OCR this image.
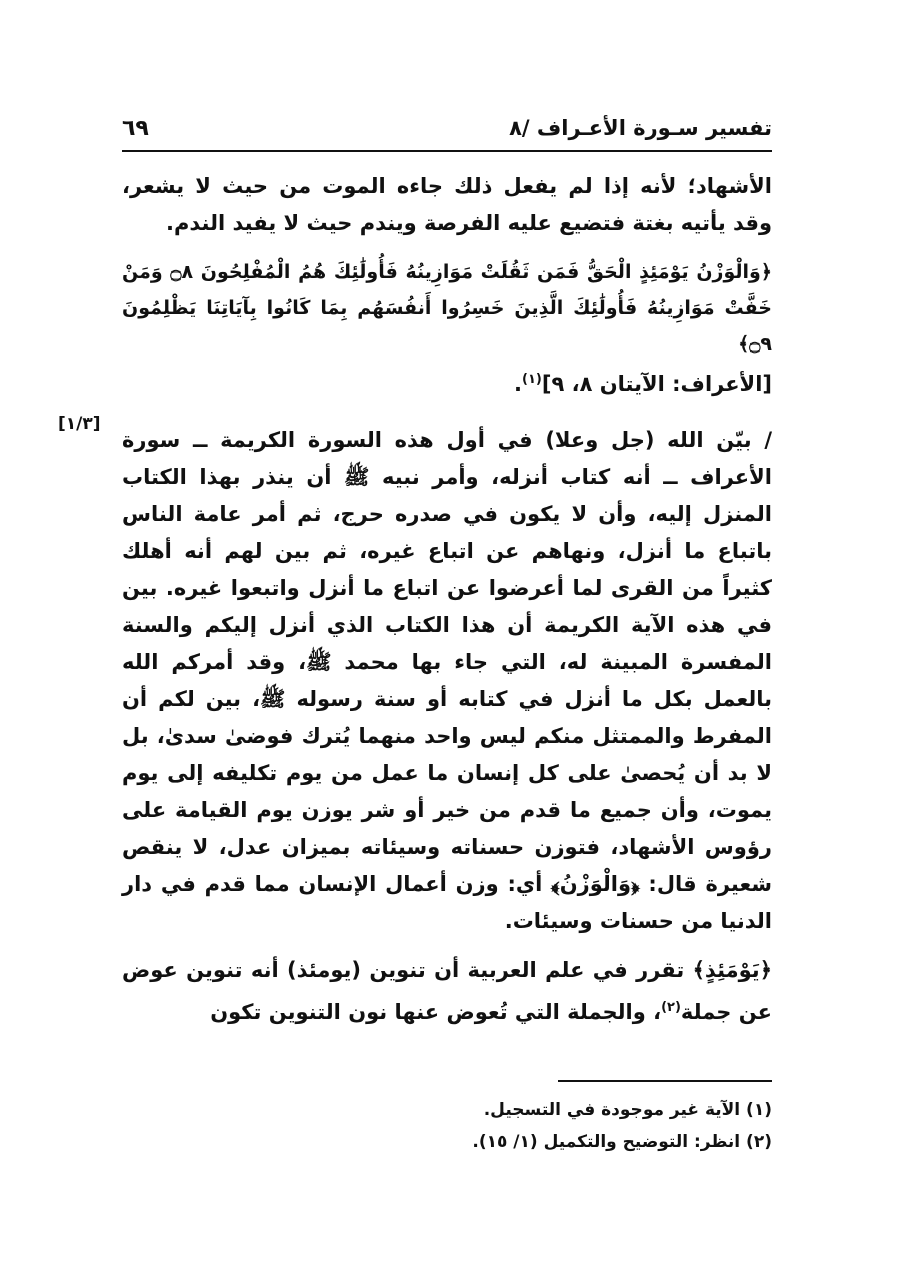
تفسير سـورة الأعـراف /٨
٦٩
[١/٣]

الأشهاد؛ لأنه إذا لم يفعل ذلك جاءه الموت من حيث لا يشعر، وقد يأتيه بغتة فتضيع عليه الفرصة ويندم حيث لا يفيد الندم.

﴿وَالْوَزْنُ يَوْمَئِذٍ الْحَقُّ فَمَن ثَقُلَتْ مَوَازِينُهُ فَأُولَٰئِكَ هُمُ الْمُفْلِحُونَ ۝٨ وَمَنْ خَفَّتْ مَوَازِينُهُ فَأُولَٰئِكَ الَّذِينَ خَسِرُوا أَنفُسَهُم بِمَا كَانُوا بِآيَاتِنَا يَظْلِمُونَ ۝٩﴾

[الأعراف: الآيتان ٨، ٩]$^{(١)}$.

/ بيّن الله (جل وعلا) في أول هذه السورة الكريمة ــ سورة الأعراف ــ أنه كتاب أنزله، وأمر نبيه ﷺ أن ينذر بهذا الكتاب المنزل إليه، وأن لا يكون في صدره حرج، ثم أمر عامة الناس باتباع ما أنزل، ونهاهم عن اتباع غيره، ثم بين لهم أنه أهلك كثيراً من القرى لما أعرضوا عن اتباع ما أنزل واتبعوا غيره. بين في هذه الآية الكريمة أن هذا الكتاب الذي أنزل إليكم والسنة المفسرة المبينة له، التي جاء بها محمد ﷺ، وقد أمركم الله بالعمل بكل ما أنزل في كتابه أو سنة رسوله ﷺ، بين لكم أن المفرط والممتثل منكم ليس واحد منهما يُترك فوضىٰ سدىٰ، بل لا بد أن يُحصىٰ على كل إنسان ما عمل من يوم تكليفه إلى يوم يموت، وأن جميع ما قدم من خير أو شر يوزن يوم القيامة على رؤوس الأشهاد، فتوزن حسناته وسيئاته بميزان عدل، لا ينقص شعيرة قال: ﴿وَالْوَزْنُ﴾ أي: وزن أعمال الإنسان مما قدم في دار الدنيا من حسنات وسيئات.

﴿يَوْمَئِذٍ﴾ تقرر في علم العربية أن تنوين (يومئذ) أنه تنوين عوض عن جملة$^{(٢)}$، والجملة التي تُعوض عنها نون التنوين تكون

(١) الآية غير موجودة في التسجيل.
(٢) انظر: التوضيح والتكميل (١/ ١٥).
